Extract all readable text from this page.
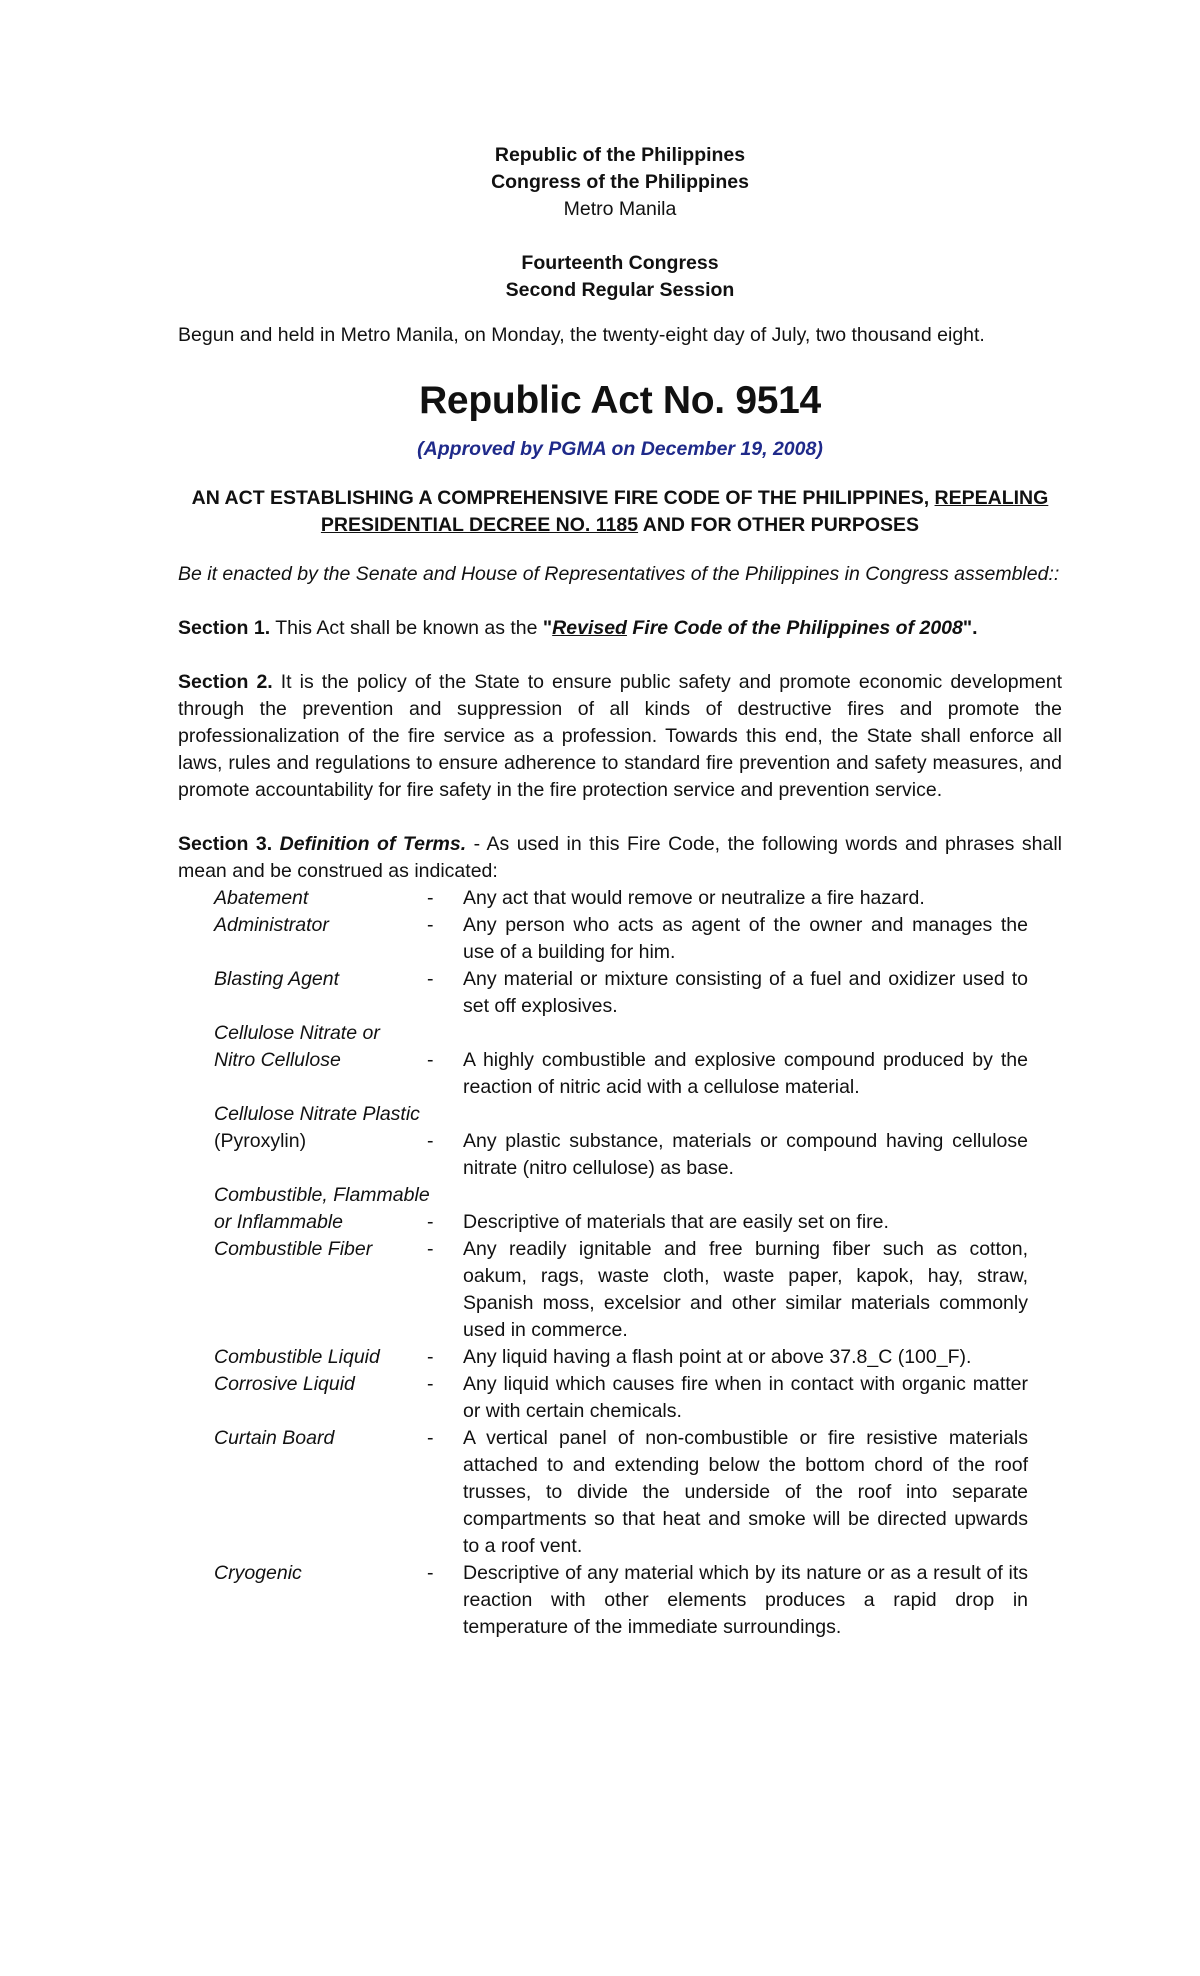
Republic of the Philippines
Congress of the Philippines
Metro Manila
Fourteenth Congress
Second Regular Session
Begun and held in Metro Manila, on Monday, the twenty-eight day of July, two thousand eight.
Republic Act No. 9514
(Approved by PGMA on December 19, 2008)
AN ACT ESTABLISHING A COMPREHENSIVE FIRE CODE OF THE PHILIPPINES, REPEALING PRESIDENTIAL DECREE NO. 1185 AND FOR OTHER PURPOSES
Be it enacted by the Senate and House of Representatives of the Philippines in Congress assembled::
Section 1. This Act shall be known as the "Revised Fire Code of the Philippines of 2008".
Section 2. It is the policy of the State to ensure public safety and promote economic development through the prevention and suppression of all kinds of destructive fires and promote the professionalization of the fire service as a profession. Towards this end, the State shall enforce all laws, rules and regulations to ensure adherence to standard fire prevention and safety measures, and promote accountability for fire safety in the fire protection service and prevention service.
Section 3. Definition of Terms. - As used in this Fire Code, the following words and phrases shall mean and be construed as indicated:
Abatement	-	Any act that would remove or neutralize a fire hazard.
Administrator	-	Any person who acts as agent of the owner and manages the use of a building for him.
Blasting Agent	-	Any material or mixture consisting of a fuel and oxidizer used to set off explosives.
Cellulose Nitrate or
Nitro Cellulose	-	A highly combustible and explosive compound produced by the reaction of nitric acid with a cellulose material.
Cellulose Nitrate Plastic
(Pyroxylin)	-	Any plastic substance, materials or compound having cellulose nitrate (nitro cellulose) as base.
Combustible, Flammable
or Inflammable	-	Descriptive of materials that are easily set on fire.
Combustible Fiber	-	Any readily ignitable and free burning fiber such as cotton, oakum, rags, waste cloth, waste paper, kapok, hay, straw, Spanish moss, excelsior and other similar materials commonly used in commerce.
Combustible Liquid	-	Any liquid having a flash point at or above 37.8_C (100_F).
Corrosive Liquid	-	Any liquid which causes fire when in contact with organic matter or with certain chemicals.
Curtain Board	-	A vertical panel of non-combustible or fire resistive materials attached to and extending below the bottom chord of the roof trusses, to divide the underside of the roof into separate compartments so that heat and smoke will be directed upwards to a roof vent.
Cryogenic	-	Descriptive of any material which by its nature or as a result of its reaction with other elements produces a rapid drop in temperature of the immediate surroundings.
